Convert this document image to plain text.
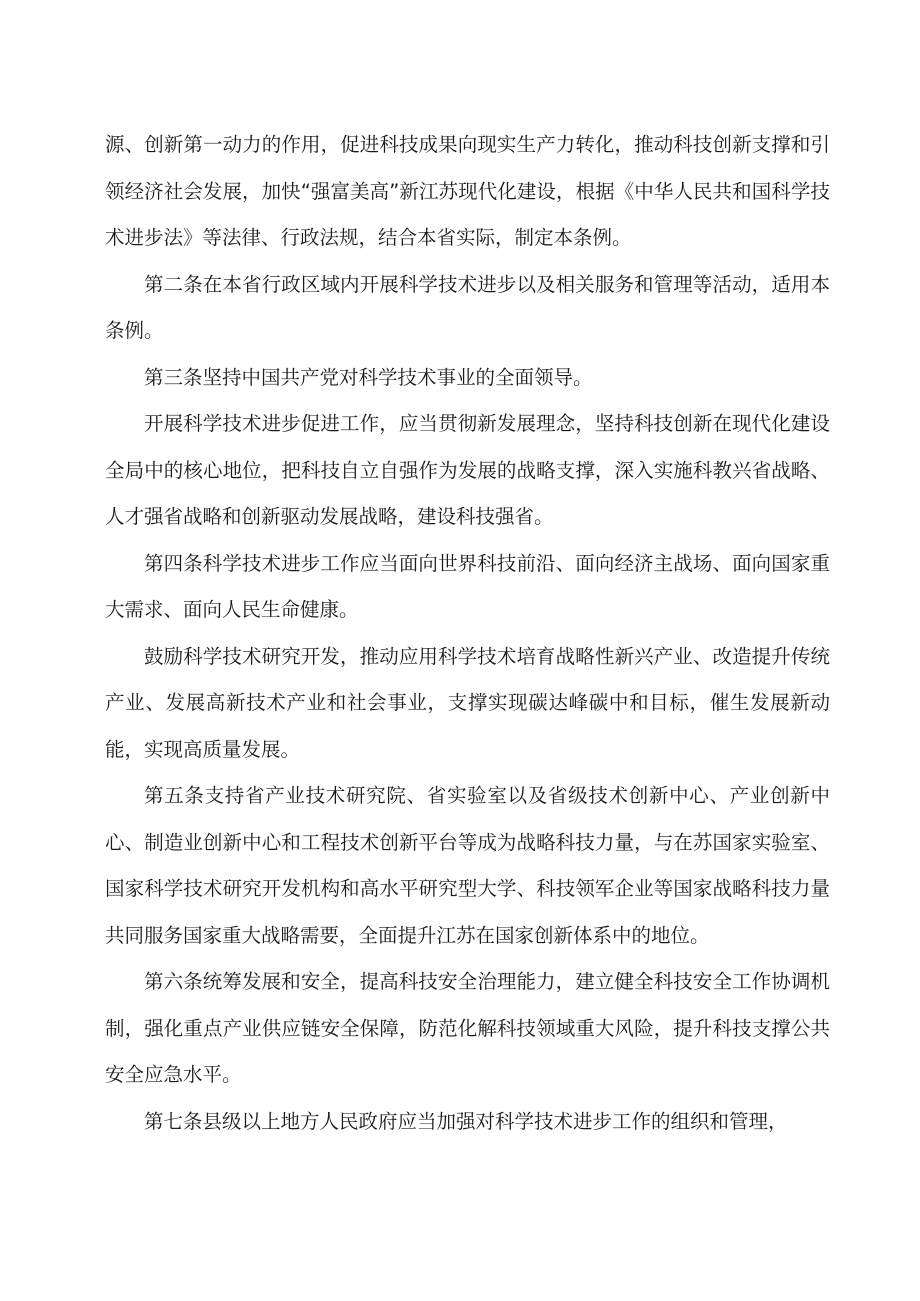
源、创新第一动力的作用，促进科技成果向现实生产力转化，推动科技创新支撑和引领经济社会发展，加快“强富美高”新江苏现代化建设，根据《中华人民共和国科学技术进步法》等法律、行政法规，结合本省实际，制定本条例。

第二条在本省行政区域内开展科学技术进步以及相关服务和管理等活动，适用本条例。

第三条坚持中国共产党对科学技术事业的全面领导。

开展科学技术进步促进工作，应当贯彻新发展理念，坚持科技创新在现代化建设全局中的核心地位，把科技自立自强作为发展的战略支撑，深入实施科教兴省战略、人才强省战略和创新驱动发展战略，建设科技强省。

第四条科学技术进步工作应当面向世界科技前沿、面向经济主战场、面向国家重大需求、面向人民生命健康。

鼓励科学技术研究开发，推动应用科学技术培育战略性新兴产业、改造提升传统产业、发展高新技术产业和社会事业，支撑实现碳达峰碳中和目标，催生发展新动能，实现高质量发展。

第五条支持省产业技术研究院、省实验室以及省级技术创新中心、产业创新中心、制造业创新中心和工程技术创新平台等成为战略科技力量，与在苏国家实验室、国家科学技术研究开发机构和高水平研究型大学、科技领军企业等国家战略科技力量共同服务国家重大战略需要，全面提升江苏在国家创新体系中的地位。

第六条统筹发展和安全，提高科技安全治理能力，建立健全科技安全工作协调机制，强化重点产业供应链安全保障，防范化解科技领域重大风险，提升科技支撑公共安全应急水平。

第七条县级以上地方人民政府应当加强对科学技术进步工作的组织和管理，
